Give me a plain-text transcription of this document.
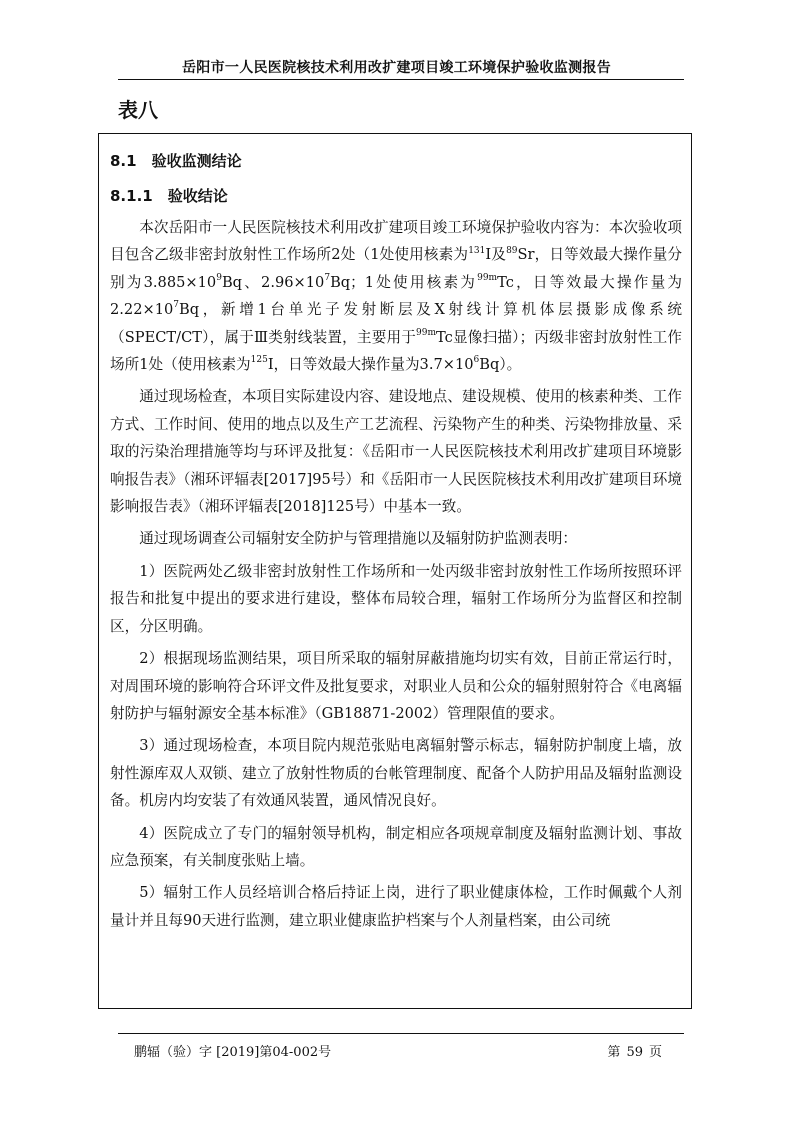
岳阳市一人民医院核技术利用改扩建项目竣工环境保护验收监测报告
表八
8.1　验收监测结论
8.1.1　验收结论

本次岳阳市一人民医院核技术利用改扩建项目竣工环境保护验收内容为：本次验收项目包含乙级非密封放射性工作场所2处（1处使用核素为$^{131}$I及$^{89}$Sr，日等效最大操作量分别为$3.885\times 10^9Bq$、$2.96\times 10^7Bq$；1处使用核素为$^{99m}$Tc，日等效最大操作量为$2.22\times 10^7Bq$，新增1台单光子发射断层及X射线计算机体层摄影成像系统（SPECT/CT），属于Ⅲ类射线装置，主要用于$^{99m}$Tc显像扫描）；丙级非密封放射性工作场所1处（使用核素为$^{125}$I，日等效最大操作量为$3.7\times 10^6Bq$）。

通过现场检查，本项目实际建设内容、建设地点、建设规模、使用的核素种类、工作方式、工作时间、使用的地点以及生产工艺流程、污染物产生的种类、污染物排放量、采取的污染治理措施等均与环评及批复：《岳阳市一人民医院核技术利用改扩建项目环境影响报告表》（湘环评辐表[2017]95号）和《岳阳市一人民医院核技术利用改扩建项目环境影响报告表》（湘环评辐表[2018]125号）中基本一致。

通过现场调查公司辐射安全防护与管理措施以及辐射防护监测表明：

1）医院两处乙级非密封放射性工作场所和一处丙级非密封放射性工作场所按照环评报告和批复中提出的要求进行建设，整体布局较合理，辐射工作场所分为监督区和控制区，分区明确。

2）根据现场监测结果，项目所采取的辐射屏蔽措施均切实有效，目前正常运行时，对周围环境的影响符合环评文件及批复要求，对职业人员和公众的辐射照射符合《电离辐射防护与辐射源安全基本标准》（GB18871-2002）管理限值的要求。

3）通过现场检查，本项目院内规范张贴电离辐射警示标志，辐射防护制度上墙，放射性源库双人双锁、建立了放射性物质的台帐管理制度、配备个人防护用品及辐射监测设备。机房内均安装了有效通风装置，通风情况良好。

4）医院成立了专门的辐射领导机构，制定相应各项规章制度及辐射监测计划、事故应急预案，有关制度张贴上墙。

5）辐射工作人员经培训合格后持证上岗，进行了职业健康体检，工作时佩戴个人剂量计并且每90天进行监测，建立职业健康监护档案与个人剂量档案，由公司统

鹏辐（验）字 [2019]第04-002号	第 59 页
